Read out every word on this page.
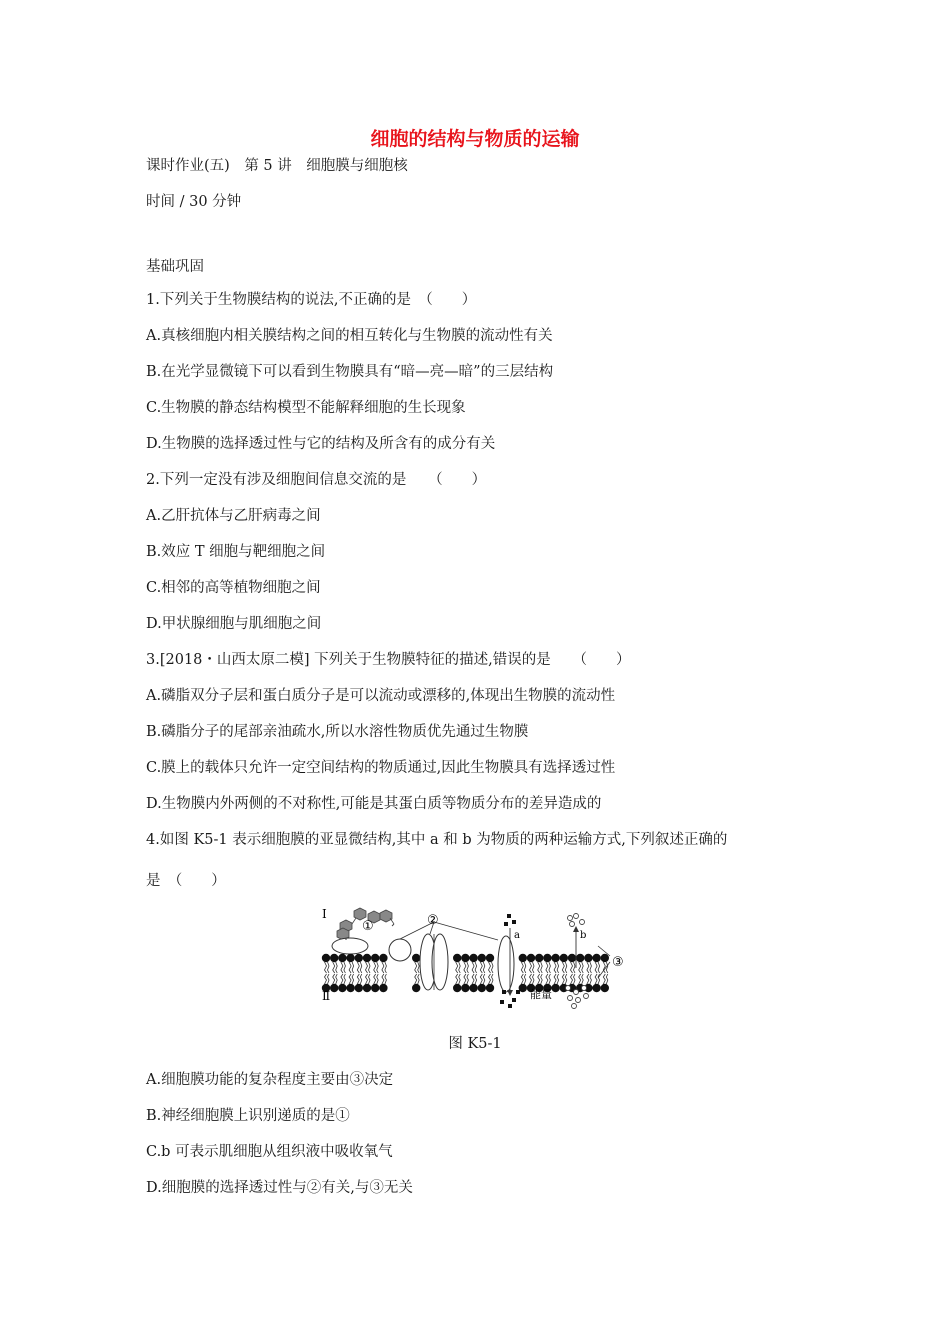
细胞的结构与物质的运输
课时作业(五)　第 5 讲　细胞膜与细胞核
时间 / 30 分钟
基础巩固
1.下列关于生物膜结构的说法,不正确的是　（　　）
A.真核细胞内相关膜结构之间的相互转化与生物膜的流动性有关
B.在光学显微镜下可以看到生物膜具有“暗—亮—暗”的三层结构
C.生物膜的静态结构模型不能解释细胞的生长现象
D.生物膜的选择透过性与它的结构及所含有的成分有关
2.下列一定没有涉及细胞间信息交流的是　　（　　）
A.乙肝抗体与乙肝病毒之间
B.效应 T 细胞与靶细胞之间
C.相邻的高等植物细胞之间
D.甲状腺细胞与肌细胞之间
3.[2018・山西太原二模] 下列关于生物膜特征的描述,错误的是　　（　　）
A.磷脂双分子层和蛋白质分子是可以流动或漂移的,体现出生物膜的流动性
B.磷脂分子的尾部亲油疏水,所以水溶性物质优先通过生物膜
C.膜上的载体只允许一定空间结构的物质通过,因此生物膜具有选择透过性
D.生物膜内外两侧的不对称性,可能是其蛋白质等物质分布的差异造成的
4.如图 K5-1 表示细胞膜的亚显微结构,其中 a 和 b 为物质的两种运输方式,下列叙述正确的
是　（　　）
Ⅰ
Ⅱ
①	②
③
a	b
能量
图 K5-1
A.细胞膜功能的复杂程度主要由③决定
B.神经细胞膜上识别递质的是①
C.b 可表示肌细胞从组织液中吸收氧气
D.细胞膜的选择透过性与②有关,与③无关
